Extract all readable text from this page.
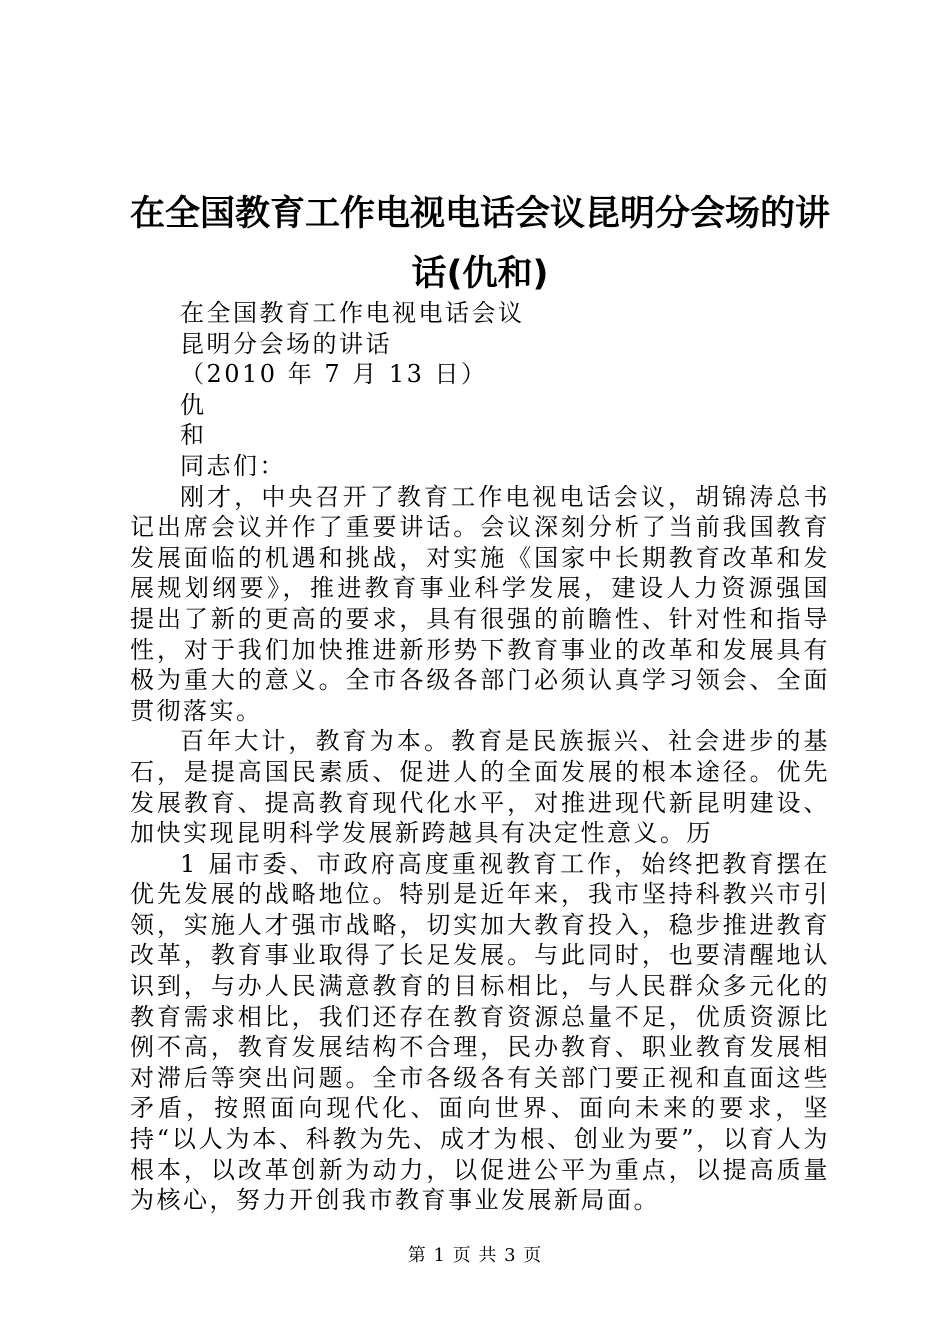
在全国教育工作电视电话会议昆明分会场的讲
话(仇和)
在全国教育工作电视电话会议
昆明分会场的讲话
（2010 年 7 月 13 日）
仇
和
同志们：
刚才，中央召开了教育工作电视电话会议，胡锦涛总书记出席会议并作了重要讲话。会议深刻分析了当前我国教育发展面临的机遇和挑战，对实施《国家中长期教育改革和发展规划纲要》，推进教育事业科学发展，建设人力资源强国提出了新的更高的要求，具有很强的前瞻性、针对性和指导性，对于我们加快推进新形势下教育事业的改革和发展具有极为重大的意义。全市各级各部门必须认真学习领会、全面贯彻落实。
百年大计，教育为本。教育是民族振兴、社会进步的基石，是提高国民素质、促进人的全面发展的根本途径。优先发展教育、提高教育现代化水平，对推进现代新昆明建设、加快实现昆明科学发展新跨越具有决定性意义。历
1 届市委、市政府高度重视教育工作，始终把教育摆在优先发展的战略地位。特别是近年来，我市坚持科教兴市引领，实施人才强市战略，切实加大教育投入，稳步推进教育改革，教育事业取得了长足发展。与此同时，也要清醒地认识到，与办人民满意教育的目标相比，与人民群众多元化的教育需求相比，我们还存在教育资源总量不足，优质资源比例不高，教育发展结构不合理，民办教育、职业教育发展相对滞后等突出问题。全市各级各有关部门要正视和直面这些矛盾，按照面向现代化、面向世界、面向未来的要求，坚持“以人为本、科教为先、成才为根、创业为要”，以育人为根本，以改革创新为动力，以促进公平为重点，以提高质量为核心，努力开创我市教育事业发展新局面。
第 1 页 共 3 页
